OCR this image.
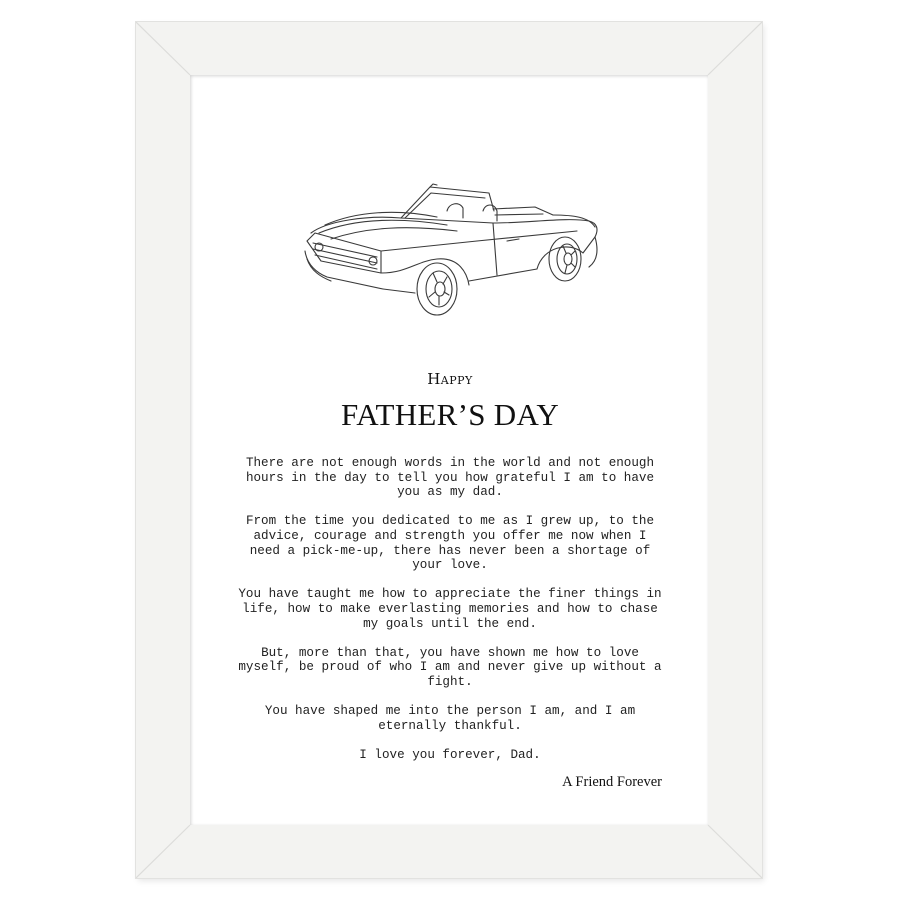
Happy
FATHER’S DAY

There are not enough words in the world and not enough hours in the day to tell you how grateful I am to have you as my dad.

From the time you dedicated to me as I grew up, to the advice, courage and strength you offer me now when I need a pick-me-up, there has never been a shortage of your love.

You have taught me how to appreciate the finer things in life, how to make everlasting memories and how to chase my goals until the end.

But, more than that, you have shown me how to love myself, be proud of who I am and never give up without a fight.

You have shaped me into the person I am, and I am eternally thankful.

I love you forever, Dad.

A Friend Forever
